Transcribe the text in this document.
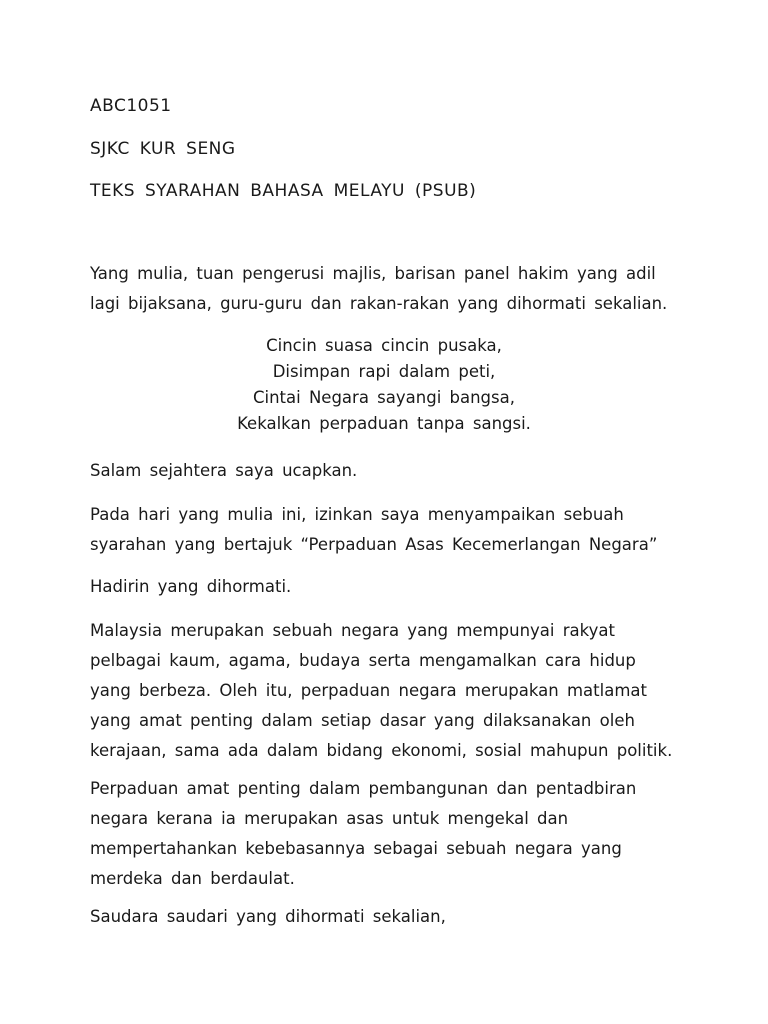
ABC1051
SJKC KUR SENG
TEKS SYARAHAN BAHASA MELAYU (PSUB)
Yang mulia, tuan pengerusi majlis, barisan panel hakim yang adil
lagi bijaksana, guru-guru dan rakan-rakan yang dihormati sekalian.
Cincin suasa cincin pusaka,
Disimpan rapi dalam peti,
Cintai Negara sayangi bangsa,
Kekalkan perpaduan tanpa sangsi.
Salam sejahtera saya ucapkan.
Pada hari yang mulia ini, izinkan saya menyampaikan sebuah
syarahan yang bertajuk “Perpaduan Asas Kecemerlangan Negara”
Hadirin yang dihormati.
Malaysia merupakan sebuah negara yang mempunyai rakyat
pelbagai kaum, agama, budaya serta mengamalkan cara hidup
yang berbeza. Oleh itu, perpaduan negara merupakan matlamat
yang amat penting dalam setiap dasar yang dilaksanakan oleh
kerajaan, sama ada dalam bidang ekonomi, sosial mahupun politik.
Perpaduan amat penting dalam pembangunan dan pentadbiran
negara kerana ia merupakan asas untuk mengekal dan
mempertahankan kebebasannya sebagai sebuah negara yang
merdeka dan berdaulat.
Saudara saudari yang dihormati sekalian,
